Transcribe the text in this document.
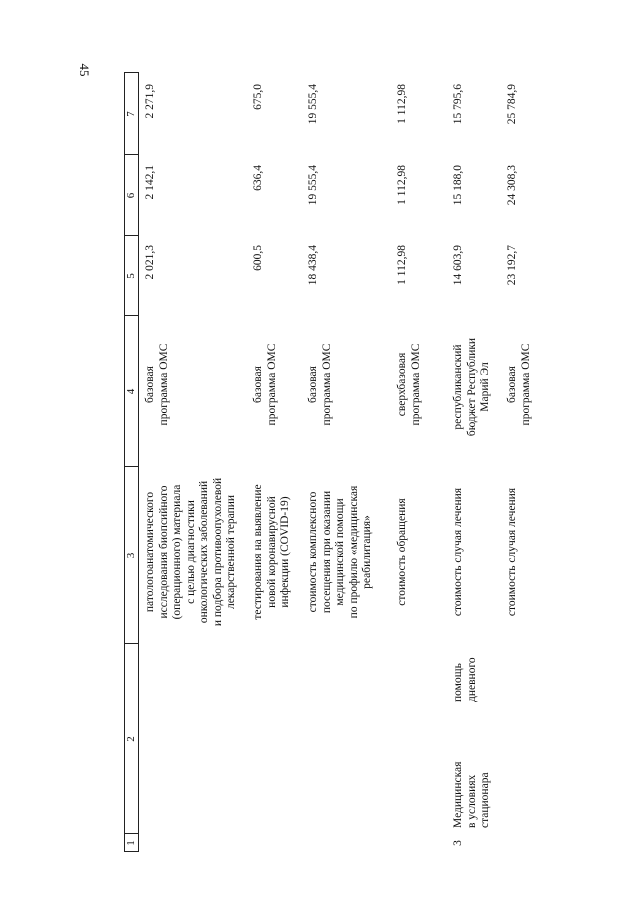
45
1
2
3
4
5
6
7
патологоанатомического
исследования биопсийного
(операционного) материала
с целью диагностики
онкологических заболеваний
и подбора противоопухолевой
лекарственной терапии
базовая
программа ОМС
2 021,3
2 142,1
2 271,9
тестирования на выявление
новой коронавирусной
инфекции (COVID-19)
базовая
программа ОМС
600,5
636,4
675,0
стоимость комплексного
посещения при оказании
медицинской помощи
по профилю «медицинская
реабилитация»
базовая
программа ОМС
18 438,4
19 555,4
19 555,4
стоимость обращения
сверхбазовая
программа ОМС
1 112,98
1 112,98
1 112,98
3
Медицинская
в условиях
стационара
помощь
дневного
стоимость случая лечения
республиканский
бюджет Республики
Марий Эл
14 603,9
15 188,0
15 795,6
стоимость случая лечения
базовая
программа ОМС
23 192,7
24 308,3
25 784,9
